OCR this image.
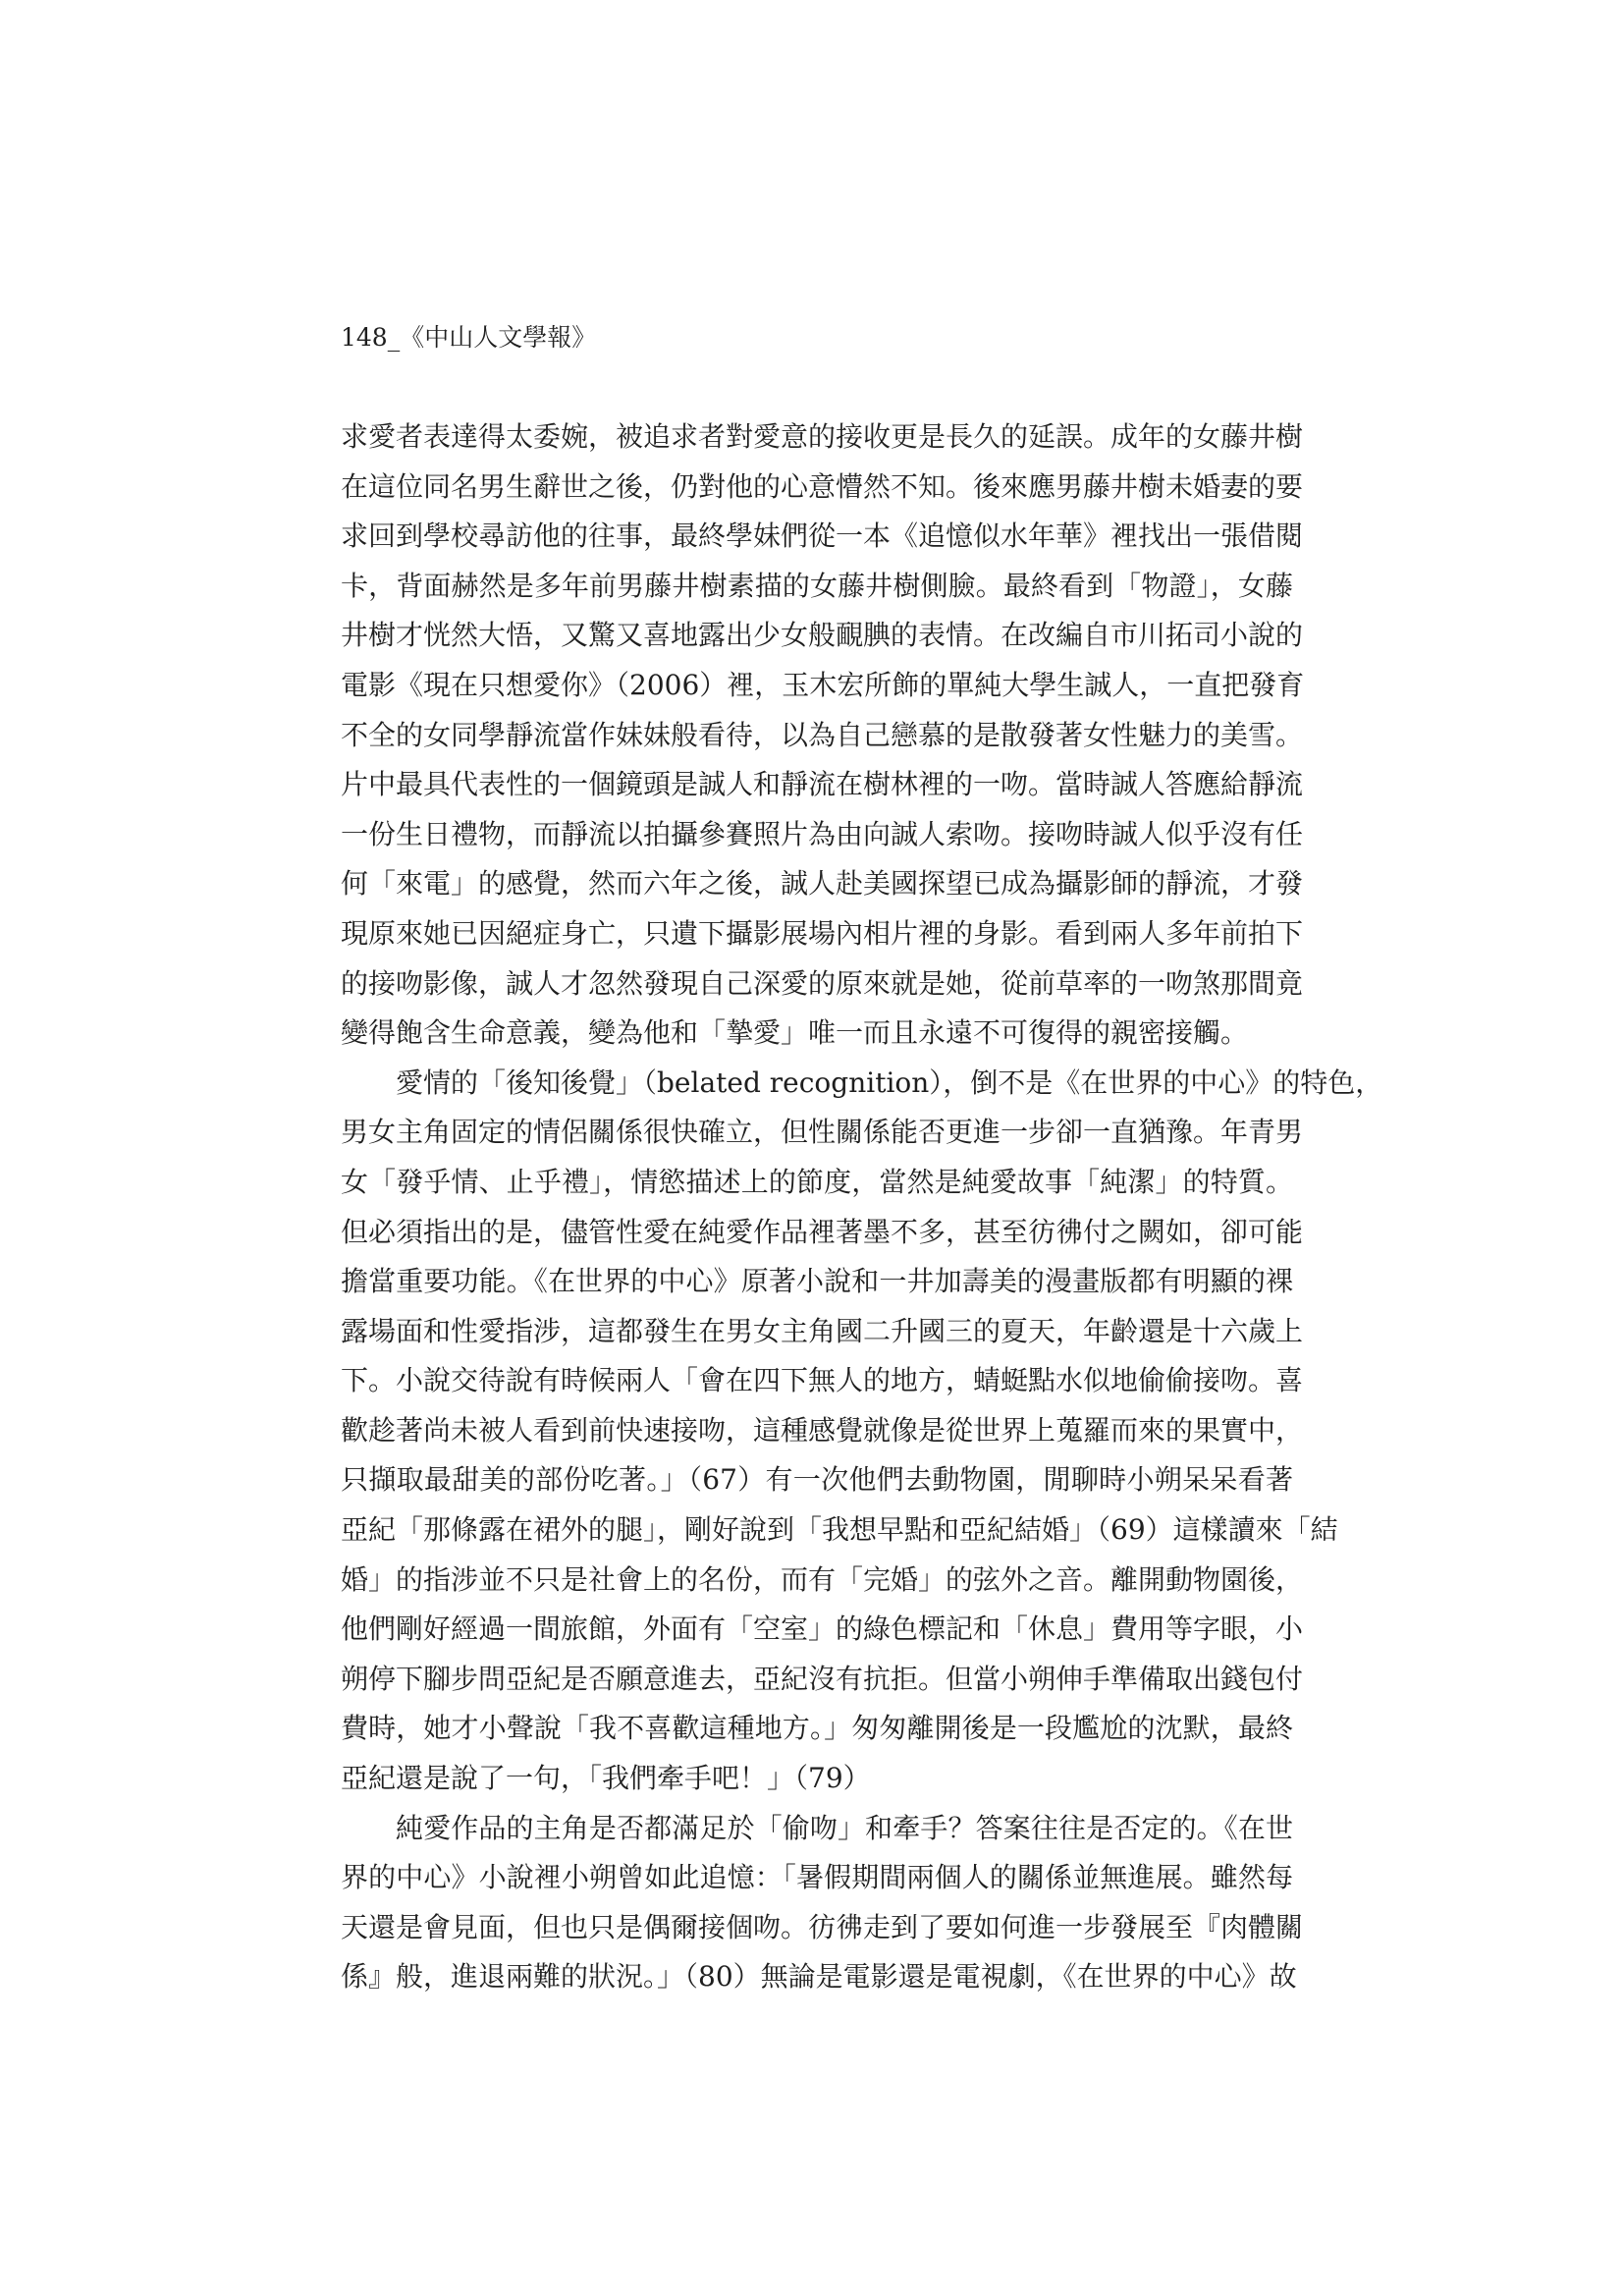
148_《中山人文學報》
求愛者表達得太委婉，被追求者對愛意的接收更是長久的延誤。成年的女藤井樹
在這位同名男生辭世之後，仍對他的心意懵然不知。後來應男藤井樹未婚妻的要
求回到學校尋訪他的往事，最終學妹們從一本《追憶似水年華》裡找出一張借閱
卡，背面赫然是多年前男藤井樹素描的女藤井樹側臉。最終看到「物證」，女藤
井樹才恍然大悟，又驚又喜地露出少女般靦腆的表情。在改編自市川拓司小說的
電影《現在只想愛你》（2006）裡，玉木宏所飾的單純大學生誠人，一直把發育
不全的女同學靜流當作妹妹般看待，以為自己戀慕的是散發著女性魅力的美雪。
片中最具代表性的一個鏡頭是誠人和靜流在樹林裡的一吻。當時誠人答應給靜流
一份生日禮物，而靜流以拍攝參賽照片為由向誠人索吻。接吻時誠人似乎沒有任
何「來電」的感覺，然而六年之後，誠人赴美國探望已成為攝影師的靜流，才發
現原來她已因絕症身亡，只遺下攝影展場內相片裡的身影。看到兩人多年前拍下
的接吻影像，誠人才忽然發現自己深愛的原來就是她，從前草率的一吻煞那間竟
變得飽含生命意義，變為他和「摯愛」唯一而且永遠不可復得的親密接觸。
愛情的「後知後覺」（belated recognition），倒不是《在世界的中心》的特色，
男女主角固定的情侶關係很快確立，但性關係能否更進一步卻一直猶豫。年青男
女「發乎情、止乎禮」，情慾描述上的節度，當然是純愛故事「純潔」的特質。
但必須指出的是，儘管性愛在純愛作品裡著墨不多，甚至彷彿付之闕如，卻可能
擔當重要功能。《在世界的中心》原著小說和一井加壽美的漫畫版都有明顯的裸
露場面和性愛指涉，這都發生在男女主角國二升國三的夏天，年齡還是十六歲上
下。小說交待說有時候兩人「會在四下無人的地方，蜻蜓點水似地偷偷接吻。喜
歡趁著尚未被人看到前快速接吻，這種感覺就像是從世界上蒐羅而來的果實中，
只擷取最甜美的部份吃著。」（67）有一次他們去動物園，閒聊時小朔呆呆看著
亞紀「那條露在裙外的腿」，剛好說到「我想早點和亞紀結婚」（69）這樣讀來「結
婚」的指涉並不只是社會上的名份，而有「完婚」的弦外之音。離開動物園後，
他們剛好經過一間旅館，外面有「空室」的綠色標記和「休息」費用等字眼，小
朔停下腳步問亞紀是否願意進去，亞紀沒有抗拒。但當小朔伸手準備取出錢包付
費時，她才小聲說「我不喜歡這種地方。」匆匆離開後是一段尷尬的沈默，最終
亞紀還是說了一句，「我們牽手吧！」（79）
純愛作品的主角是否都滿足於「偷吻」和牽手？答案往往是否定的。《在世
界的中心》小說裡小朔曾如此追憶：「暑假期間兩個人的關係並無進展。雖然每
天還是會見面，但也只是偶爾接個吻。彷彿走到了要如何進一步發展至『肉體關
係』般，進退兩難的狀況。」（80）無論是電影還是電視劇，《在世界的中心》故
